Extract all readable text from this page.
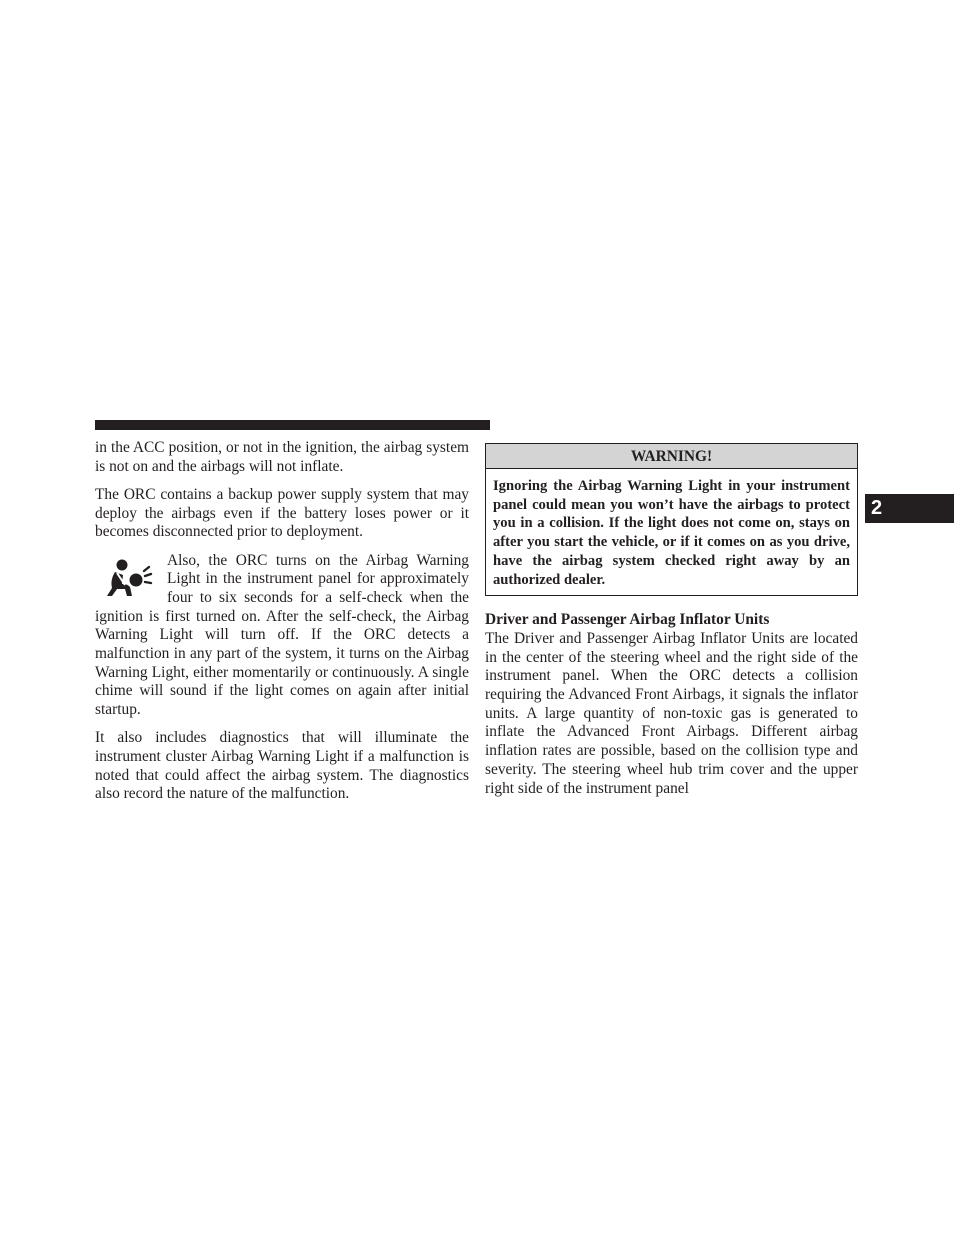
in the ACC position, or not in the ignition, the airbag system is not on and the airbags will not inflate.

The ORC contains a backup power supply system that may deploy the airbags even if the battery loses power or it becomes disconnected prior to deployment.

Also, the ORC turns on the Airbag Warning Light in the instrument panel for approximately four to six seconds for a self-check when the ignition is first turned on. After the self-check, the Airbag Warning Light will turn off. If the ORC detects a malfunction in any part of the system, it turns on the Airbag Warning Light, either momentarily or continuously. A single chime will sound if the light comes on again after initial startup.

It also includes diagnostics that will illuminate the instrument cluster Airbag Warning Light if a malfunction is noted that could affect the airbag system. The diagnostics also record the nature of the malfunction.

WARNING!
Ignoring the Airbag Warning Light in your instrument panel could mean you won’t have the airbags to protect you in a collision. If the light does not come on, stays on after you start the vehicle, or if it comes on as you drive, have the airbag system checked right away by an authorized dealer.

Driver and Passenger Airbag Inflator Units

The Driver and Passenger Airbag Inflator Units are located in the center of the steering wheel and the right side of the instrument panel. When the ORC detects a collision requiring the Advanced Front Airbags, it signals the inflator units. A large quantity of non-toxic gas is generated to inflate the Advanced Front Airbags. Different airbag inflation rates are possible, based on the collision type and severity. The steering wheel hub trim cover and the upper right side of the instrument panel

2
